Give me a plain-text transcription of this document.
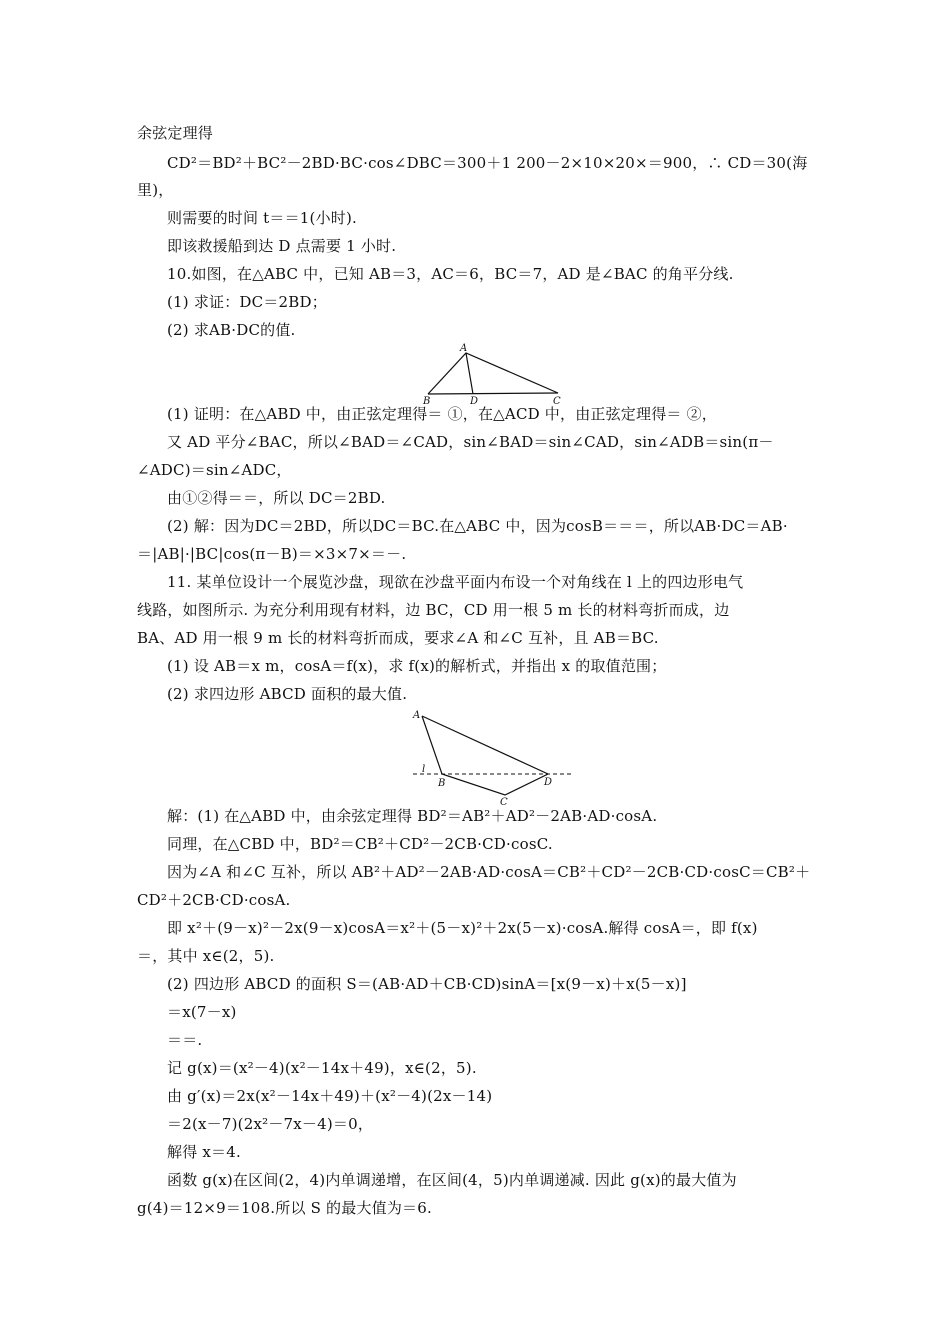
余弦定理得
CD²＝BD²＋BC²－2BD·BC·cos∠DBC＝300＋1 200－2×10×20×＝900，∴ CD＝30(海
里)，
则需要的时间 t＝＝1(小时).
即该救援船到达 D 点需要 1 小时.
10.如图，在△ABC 中，已知 AB＝3，AC＝6，BC＝7，AD 是∠BAC 的角平分线.
(1) 求证：DC＝2BD；
(2) 求AB·DC的值.
A
B	D	C
(1) 证明：在△ABD 中，由正弦定理得＝ ①，在△ACD 中，由正弦定理得＝ ②，
又 AD 平分∠BAC，所以∠BAD＝∠CAD，sin∠BAD＝sin∠CAD，sin∠ADB＝sin(π－
∠ADC)＝sin∠ADC，
由①②得＝＝，所以 DC＝2BD.
(2) 解：因为DC＝2BD，所以DC＝BC.在△ABC 中，因为cosB＝＝＝，所以AB·DC＝AB·
＝|AB|·|BC|cos(π－B)＝×3×7×＝－.
11. 某单位设计一个展览沙盘，现欲在沙盘平面内布设一个对角线在 l 上的四边形电气
线路，如图所示. 为充分利用现有材料，边 BC，CD 用一根 5 m 长的材料弯折而成，边
BA、AD 用一根 9 m 长的材料弯折而成，要求∠A 和∠C 互补，且 AB＝BC.
(1) 设 AB＝x m，cosA＝f(x)，求 f(x)的解析式，并指出 x 的取值范围；
(2) 求四边形 ABCD 面积的最大值.
A
l
B	D
C
解：(1) 在△ABD 中，由余弦定理得 BD²＝AB²＋AD²－2AB·AD·cosA.
同理，在△CBD 中，BD²＝CB²＋CD²－2CB·CD·cosC.
因为∠A 和∠C 互补，所以 AB²＋AD²－2AB·AD·cosA＝CB²＋CD²－2CB·CD·cosC＝CB²＋
CD²＋2CB·CD·cosA.
即 x²＋(9－x)²－2x(9－x)cosA＝x²＋(5－x)²＋2x(5－x)·cosA.解得 cosA＝，即 f(x)
＝，其中 x∈(2，5).
(2) 四边形 ABCD 的面积 S＝(AB·AD＋CB·CD)sinA＝[x(9－x)＋x(5－x)]
＝x(7－x)
＝＝.
记 g(x)＝(x²－4)(x²－14x＋49)，x∈(2，5).
由 g′(x)＝2x(x²－14x＋49)＋(x²－4)(2x－14)
＝2(x－7)(2x²－7x－4)＝0，
解得 x＝4.
函数 g(x)在区间(2，4)内单调递增，在区间(4，5)内单调递减. 因此 g(x)的最大值为
g(4)＝12×9＝108.所以 S 的最大值为＝6.
